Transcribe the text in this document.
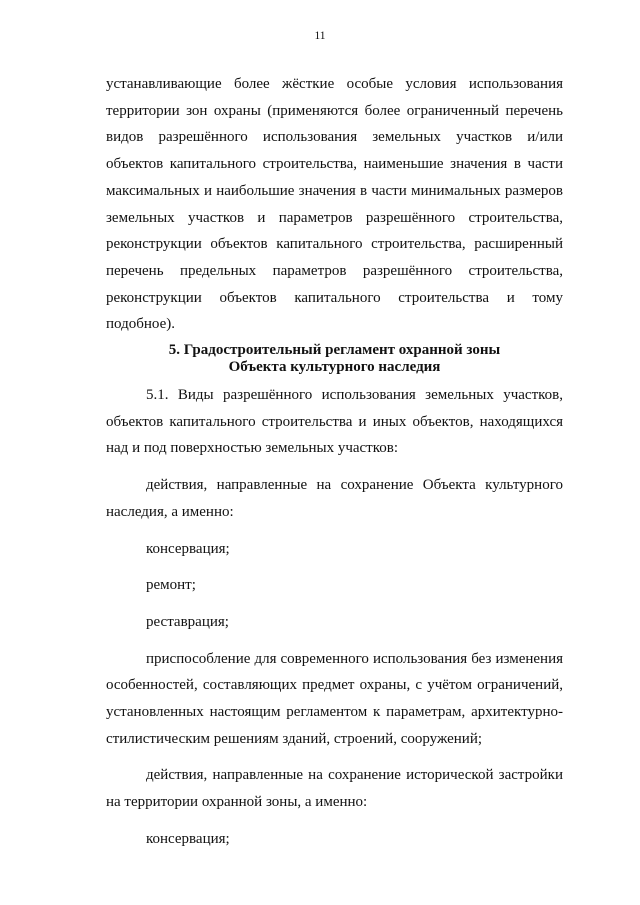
11

устанавливающие более жёсткие особые условия использования территории зон охраны (применяются более ограниченный перечень видов разрешённого использования земельных участков и/или объектов капитального строительства, наименьшие значения в части максимальных и наибольшие значения в части минимальных размеров земельных участков и параметров разрешённого строительства, реконструкции объектов капитального строительства, расширенный перечень предельных параметров разрешённого строительства, реконструкции объектов капитального строительства и тому подобное).

5. Градостроительный регламент охранной зоны
Объекта культурного наследия

5.1. Виды разрешённого использования земельных участков, объектов капитального строительства и иных объектов, находящихся над и под поверхностью земельных участков:

действия, направленные на сохранение Объекта культурного наследия, а именно:

консервация;

ремонт;

реставрация;

приспособление для современного использования без изменения особенностей, составляющих предмет охраны, с учётом ограничений, установленных настоящим регламентом к параметрам, архитектурно-стилистическим решениям зданий, строений, сооружений;

действия, направленные на сохранение исторической застройки на территории охранной зоны, а именно:

консервация;
